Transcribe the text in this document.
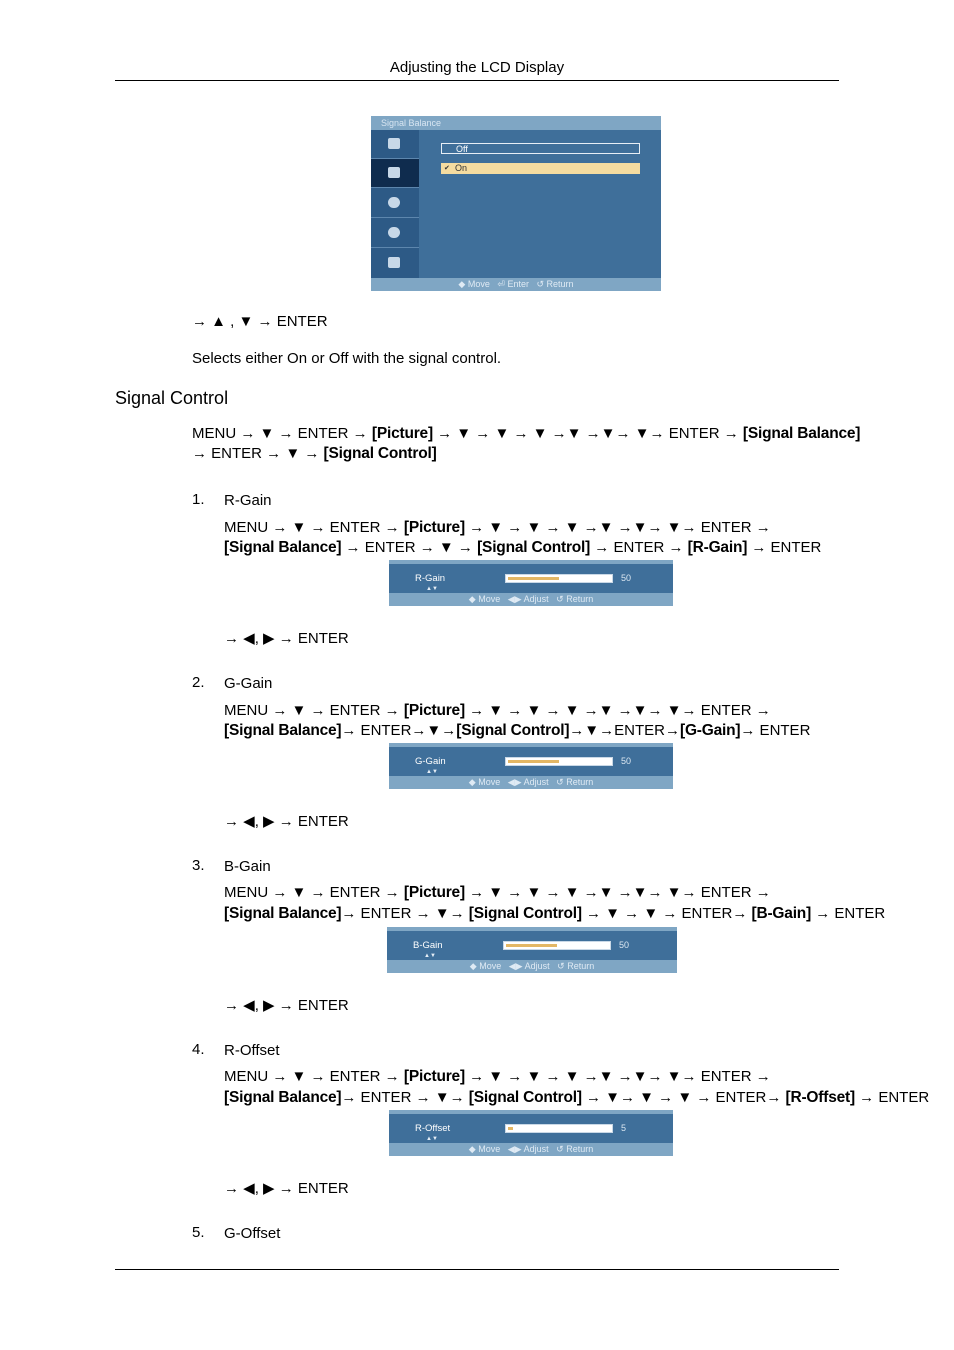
Adjusting the LCD Display
Signal Balance
Off
✔ On
◆ Move ⏎ Enter ↺ Return
→ ▲ , ▼ → ENTER
Selects either On or Off with the signal control.
Signal Control
MENU → ▼ → ENTER → [Picture] → ▼ → ▼ → ▼ →▼ →▼→ ▼→ ENTER → [Signal Balance]
→ ENTER → ▼ → [Signal Control]
1. R-Gain
MENU → ▼ → ENTER → [Picture] → ▼ → ▼ → ▼ →▼ →▼→ ▼→ ENTER →
[Signal Balance] → ENTER → ▼ → [Signal Control] → ENTER → [R-Gain] → ENTER
R-Gain
▲▼
50
◆ Move ◀▶ Adjust ↺ Return
→ ◀, ▶ → ENTER
2. G-Gain
MENU → ▼ → ENTER → [Picture] → ▼ → ▼ → ▼ →▼ →▼→ ▼→ ENTER →
[Signal Balance]→ ENTER→▼→[Signal Control]→▼→ENTER→[G-Gain]→ ENTER
G-Gain
▲▼
50
◆ Move ◀▶ Adjust ↺ Return
→ ◀, ▶ → ENTER
3. B-Gain
MENU → ▼ → ENTER → [Picture] → ▼ → ▼ → ▼ →▼ →▼→ ▼→ ENTER →
[Signal Balance]→ ENTER → ▼→ [Signal Control] → ▼ → ▼ → ENTER→ [B-Gain] → ENTER
B-Gain
▲▼
50
◆ Move ◀▶ Adjust ↺ Return
→ ◀, ▶ → ENTER
4. R-Offset
MENU → ▼ → ENTER → [Picture] → ▼ → ▼ → ▼ →▼ →▼→ ▼→ ENTER →
[Signal Balance]→ ENTER → ▼→ [Signal Control] → ▼→ ▼ → ▼ → ENTER→ [R-Offset] → ENTER
R-Offset
▲▼
5
◆ Move ◀▶ Adjust ↺ Return
→ ◀, ▶ → ENTER
5. G-Offset
